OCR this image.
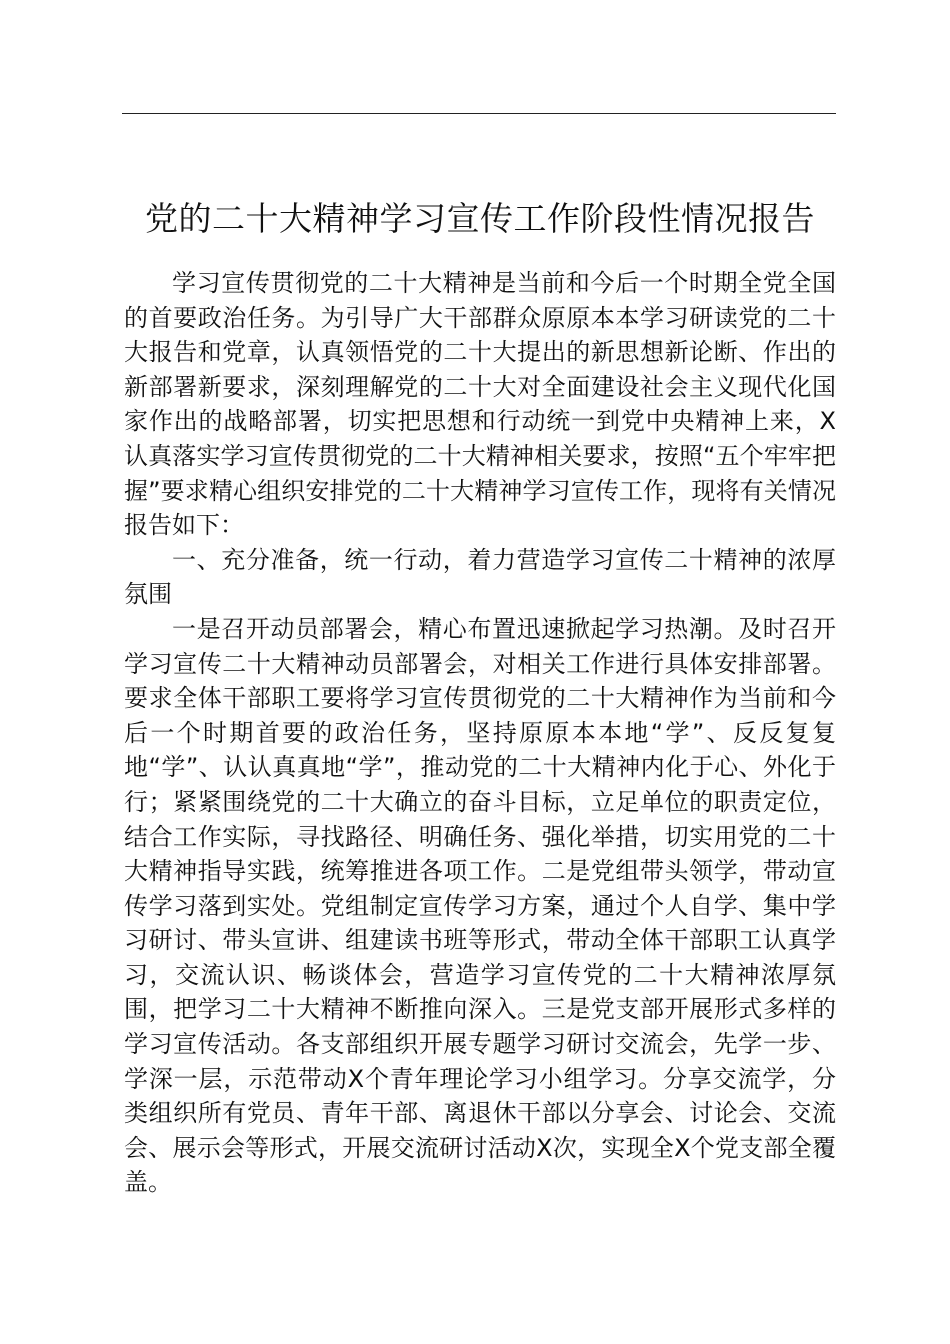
党的二十大精神学习宣传工作阶段性情况报告

学习宣传贯彻党的二十大精神是当前和今后一个时期全党全国的首要政治任务。为引导广大干部群众原原本本学习研读党的二十大报告和党章，认真领悟党的二十大提出的新思想新论断、作出的新部署新要求，深刻理解党的二十大对全面建设社会主义现代化国家作出的战略部署，切实把思想和行动统一到党中央精神上来，X认真落实学习宣传贯彻党的二十大精神相关要求，按照“五个牢牢把握”要求精心组织安排党的二十大精神学习宣传工作，现将有关情况报告如下：

一、充分准备，统一行动，着力营造学习宣传二十精神的浓厚氛围

一是召开动员部署会，精心布置迅速掀起学习热潮。及时召开学习宣传二十大精神动员部署会，对相关工作进行具体安排部署。要求全体干部职工要将学习宣传贯彻党的二十大精神作为当前和今后一个时期首要的政治任务，坚持原原本本地“学”、反反复复地“学”、认认真真地“学”，推动党的二十大精神内化于心、外化于行；紧紧围绕党的二十大确立的奋斗目标，立足单位的职责定位，结合工作实际，寻找路径、明确任务、强化举措，切实用党的二十大精神指导实践，统筹推进各项工作。二是党组带头领学，带动宣传学习落到实处。党组制定宣传学习方案，通过个人自学、集中学习研讨、带头宣讲、组建读书班等形式，带动全体干部职工认真学习，交流认识、畅谈体会，营造学习宣传党的二十大精神浓厚氛围，把学习二十大精神不断推向深入。三是党支部开展形式多样的学习宣传活动。各支部组织开展专题学习研讨交流会，先学一步、学深一层，示范带动X个青年理论学习小组学习。分享交流学，分类组织所有党员、青年干部、离退休干部以分享会、讨论会、交流会、展示会等形式，开展交流研讨活动X次，实现全X个党支部全覆盖。
